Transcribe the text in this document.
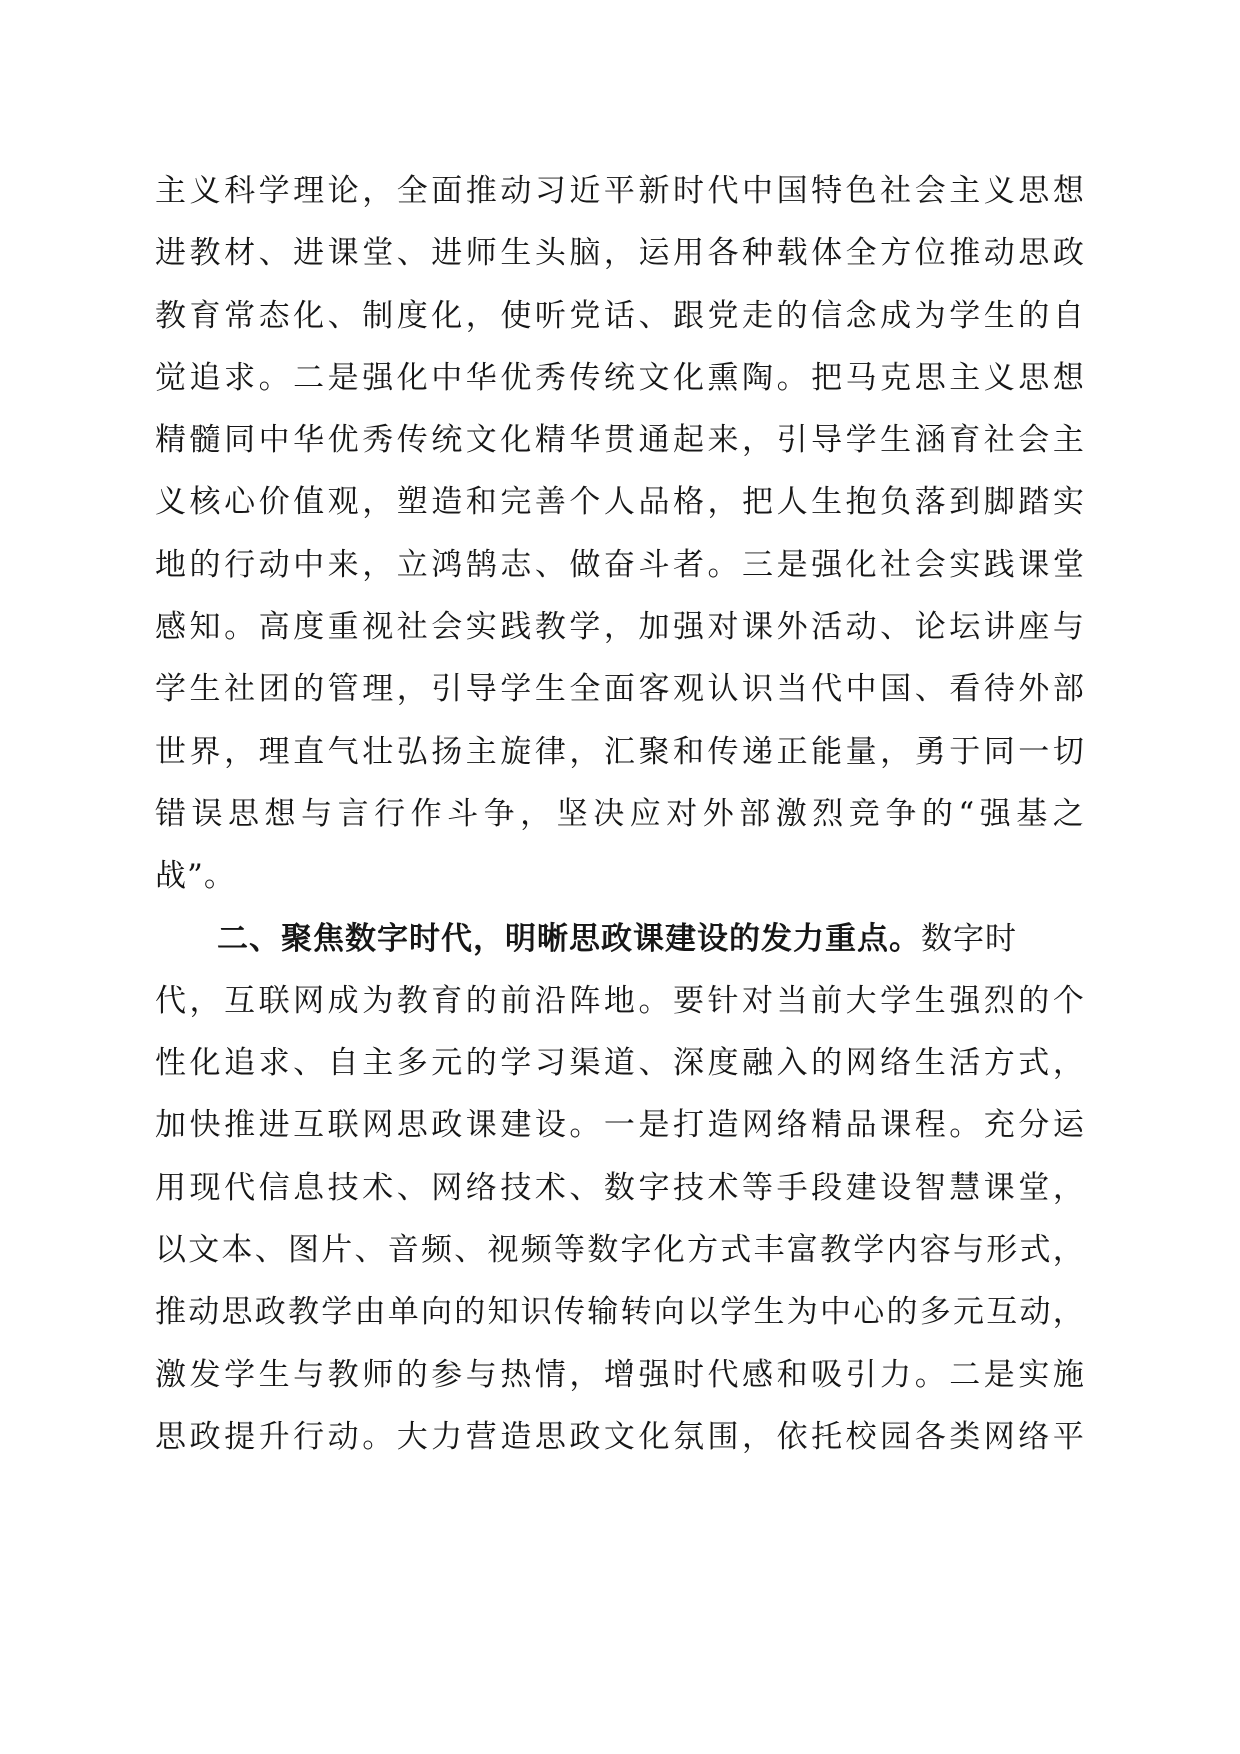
主 义 科 学 理 论 ， 全 面 推 动 习 近 平 新 时 代 中 国 特 色 社 会 主 义 思 想
进 教 材 、 进 课 堂 、 进 师 生 头 脑 ， 运 用 各 种 载 体 全 方 位 推 动 思 政
教 育 常 态 化 、 制 度 化 ， 使 听 党 话 、 跟 党 走 的 信 念 成 为 学 生 的 自
觉 追 求 。 二 是 强 化 中 华 优 秀 传 统 文 化 熏 陶 。 把 马 克 思 主 义 思 想
精 髓 同 中 华 优 秀 传 统 文 化 精 华 贯 通 起 来 ， 引 导 学 生 涵 育 社 会 主
义 核 心 价 值 观 ， 塑 造 和 完 善 个 人 品 格 ， 把 人 生 抱 负 落 到 脚 踏 实
地 的 行 动 中 来 ， 立 鸿 鹄 志 、 做 奋 斗 者 。 三 是 强 化 社 会 实 践 课 堂
感 知 。 高 度 重 视 社 会 实 践 教 学 ， 加 强 对 课 外 活 动 、 论 坛 讲 座 与
学 生 社 团 的 管 理 ， 引 导 学 生 全 面 客 观 认 识 当 代 中 国 、 看 待 外 部
世 界 ， 理 直 气 壮 弘 扬 主 旋 律 ， 汇 聚 和 传 递 正 能 量 ， 勇 于 同 一 切
错 误 思 想 与 言 行 作 斗 争 ， 坚 决 应 对 外 部 激 烈 竞 争 的 “ 强 基 之
战”。
二、聚焦数字时代，明晰思政课建设的发力重点。数字时
代 ， 互 联 网 成 为 教 育 的 前 沿 阵 地 。 要 针 对 当 前 大 学 生 强 烈 的 个
性 化 追 求 、 自 主 多 元 的 学 习 渠 道 、 深 度 融 入 的 网 络 生 活 方 式 ，
加 快 推 进 互 联 网 思 政 课 建 设 。 一 是 打 造 网 络 精 品 课 程 。 充 分 运
用 现 代 信 息 技 术 、 网 络 技 术 、 数 字 技 术 等 手 段 建 设 智 慧 课 堂 ，
以 文 本 、 图 片 、 音 频 、 视 频 等 数 字 化 方 式 丰 富 教 学 内 容 与 形 式 ，
推 动 思 政 教 学 由 单 向 的 知 识 传 输 转 向 以 学 生 为 中 心 的 多 元 互 动 ，
激 发 学 生 与 教 师 的 参 与 热 情 ， 增 强 时 代 感 和 吸 引 力 。 二 是 实 施
思 政 提 升 行 动 。 大 力 营 造 思 政 文 化 氛 围 ， 依 托 校 园 各 类 网 络 平
